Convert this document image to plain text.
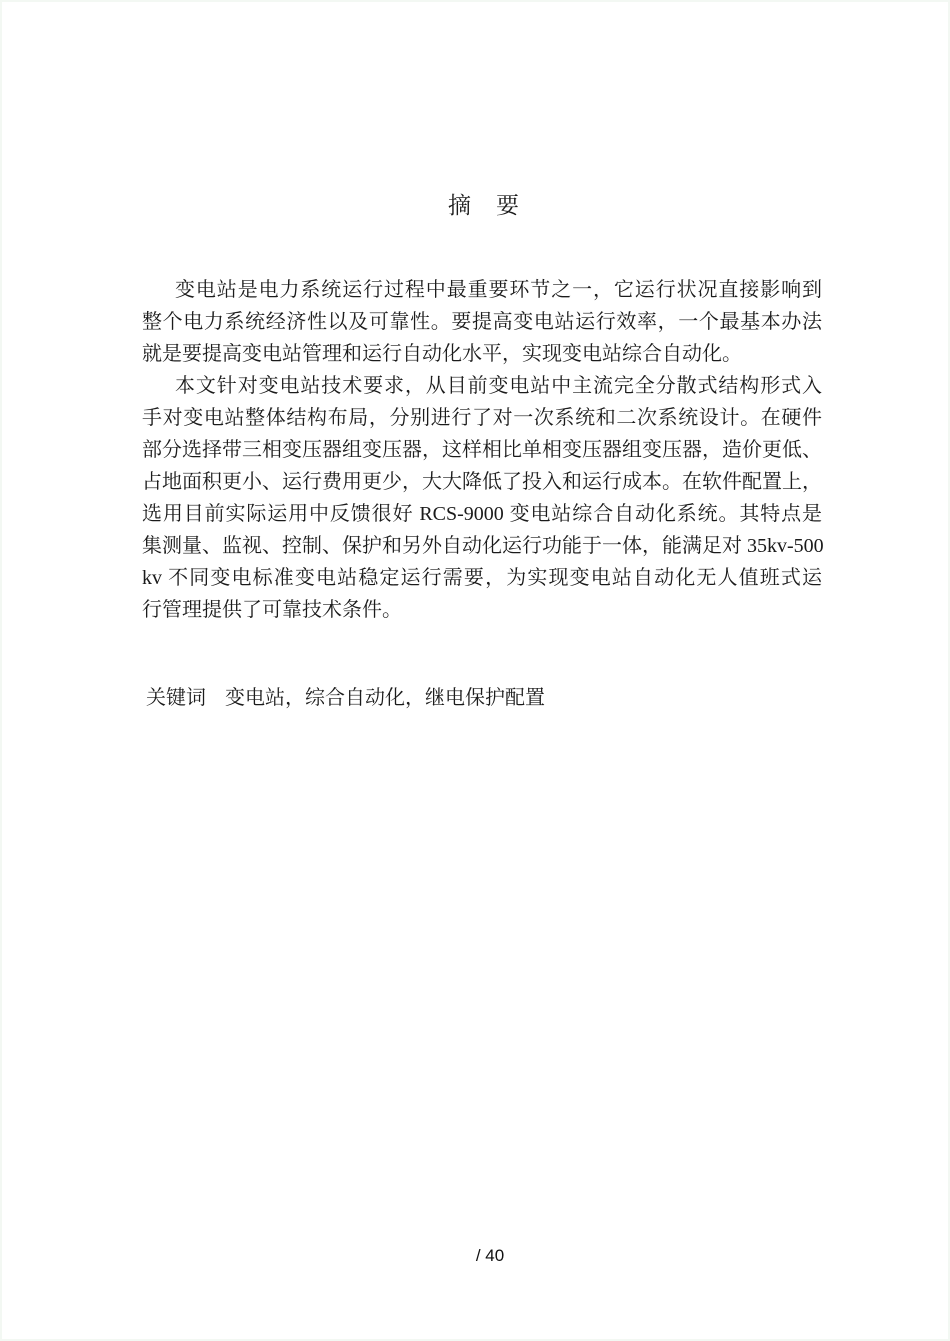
摘　要
变电站是电力系统运行过程中最重要环节之一，它运行状况直接影响到
整个电力系统经济性以及可靠性。要提高变电站运行效率，一个最基本办法
就是要提高变电站管理和运行自动化水平，实现变电站综合自动化。
本文针对变电站技术要求，从目前变电站中主流完全分散式结构形式入
手对变电站整体结构布局，分别进行了对一次系统和二次系统设计。在硬件
部分选择带三相变压器组变压器，这样相比单相变压器组变压器，造价更低、
占地面积更小、运行费用更少，大大降低了投入和运行成本。在软件配置上，
选用目前实际运用中反馈很好 RCS-9000 变电站综合自动化系统。其特点是
集测量、监视、控制、保护和另外自动化运行功能于一体，能满足对 35kv-500
kv 不同变电标准变电站稳定运行需要，为实现变电站自动化无人值班式运
行管理提供了可靠技术条件。
关键词 变电站，综合自动化，继电保护配置
/ 40
